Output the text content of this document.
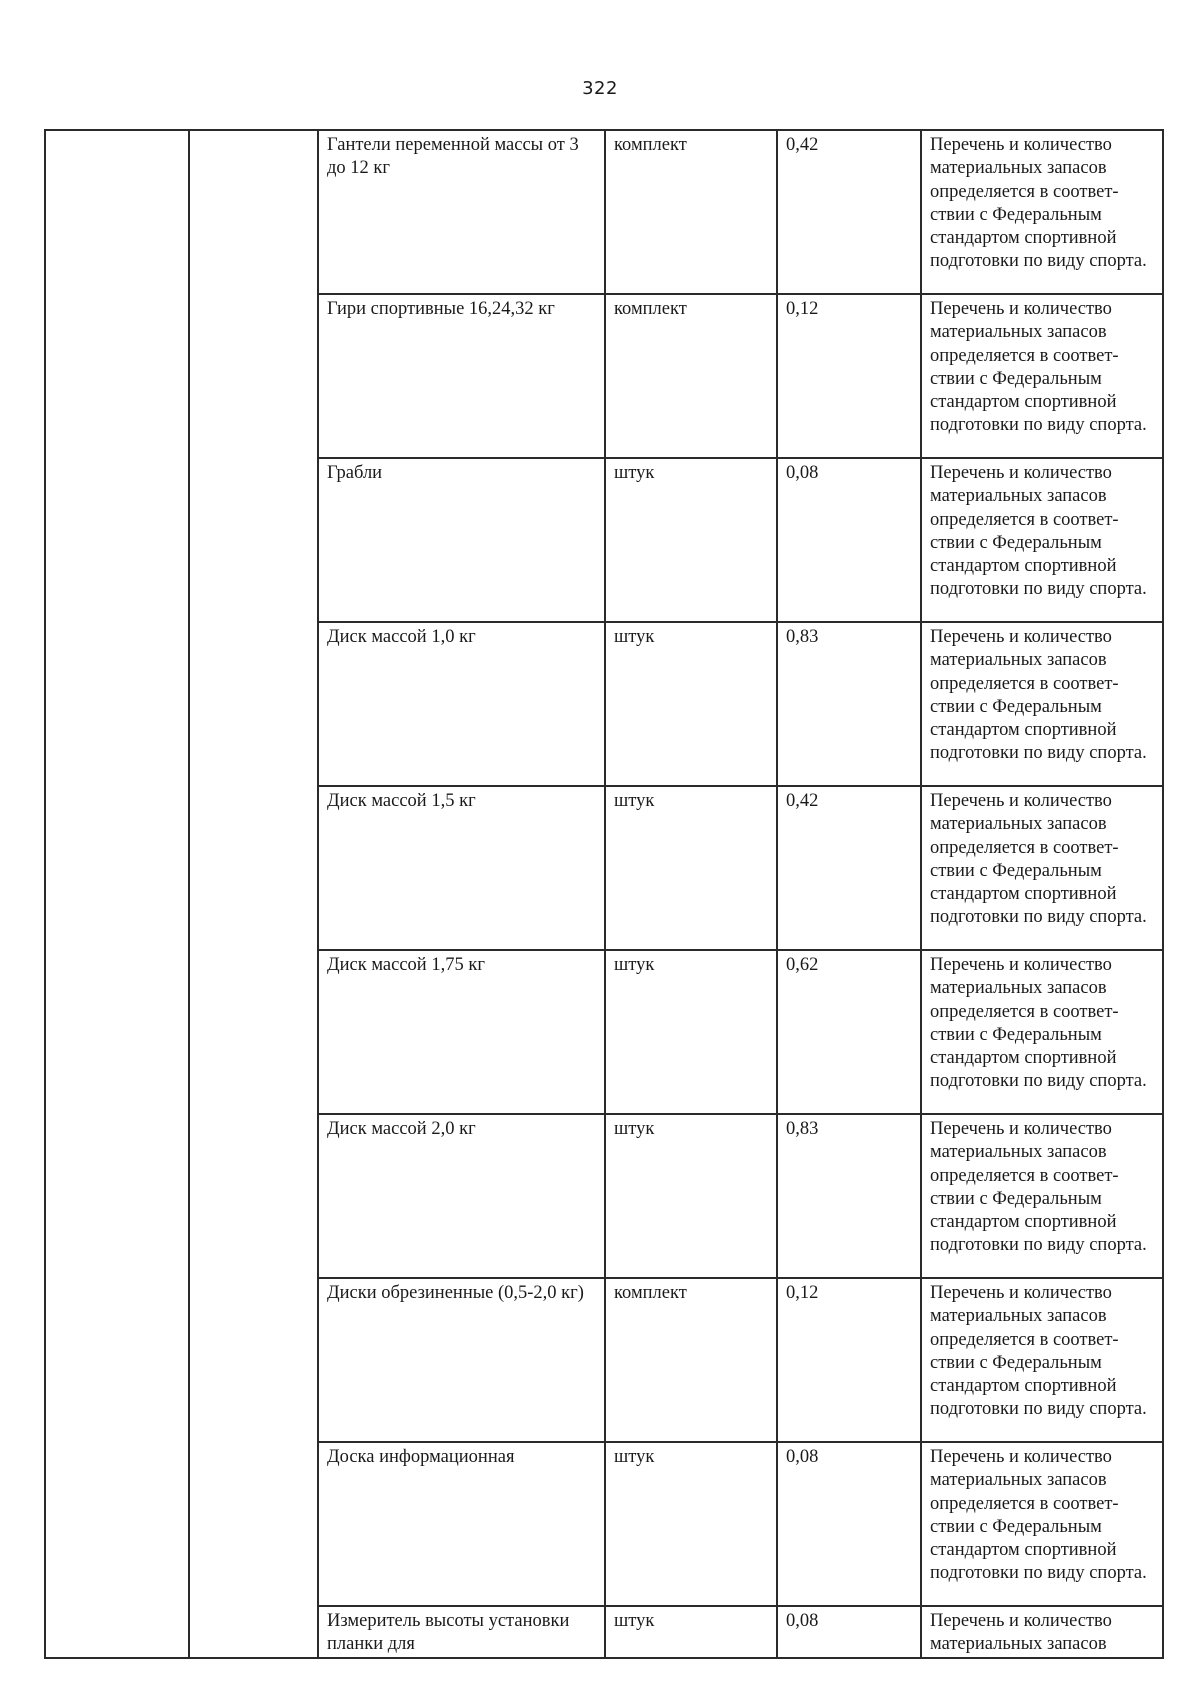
322
		Гантели переменной массы от 3 до 12 кг	комплект	0,42	Перечень и количество материальных запасов определяется в соответ-ствии с Федеральным стандартом спортивной подготовки по виду спорта.
		Гири спортивные 16,24,32 кг	комплект	0,12	Перечень и количество материальных запасов определяется в соответ-ствии с Федеральным стандартом спортивной подготовки по виду спорта.
		Грабли	штук	0,08	Перечень и количество материальных запасов определяется в соответ-ствии с Федеральным стандартом спортивной подготовки по виду спорта.
		Диск массой 1,0 кг	штук	0,83	Перечень и количество материальных запасов определяется в соответ-ствии с Федеральным стандартом спортивной подготовки по виду спорта.
		Диск массой 1,5 кг	штук	0,42	Перечень и количество материальных запасов определяется в соответ-ствии с Федеральным стандартом спортивной подготовки по виду спорта.
		Диск массой 1,75 кг	штук	0,62	Перечень и количество материальных запасов определяется в соответ-ствии с Федеральным стандартом спортивной подготовки по виду спорта.
		Диск массой 2,0 кг	штук	0,83	Перечень и количество материальных запасов определяется в соответ-ствии с Федеральным стандартом спортивной подготовки по виду спорта.
		Диски обрезиненные (0,5-2,0 кг)	комплект	0,12	Перечень и количество материальных запасов определяется в соответ-ствии с Федеральным стандартом спортивной подготовки по виду спорта.
		Доска информационная	штук	0,08	Перечень и количество материальных запасов определяется в соответ-ствии с Федеральным стандартом спортивной подготовки по виду спорта.
		Измеритель высоты установки планки для	штук	0,08	Перечень и количество материальных запасов
